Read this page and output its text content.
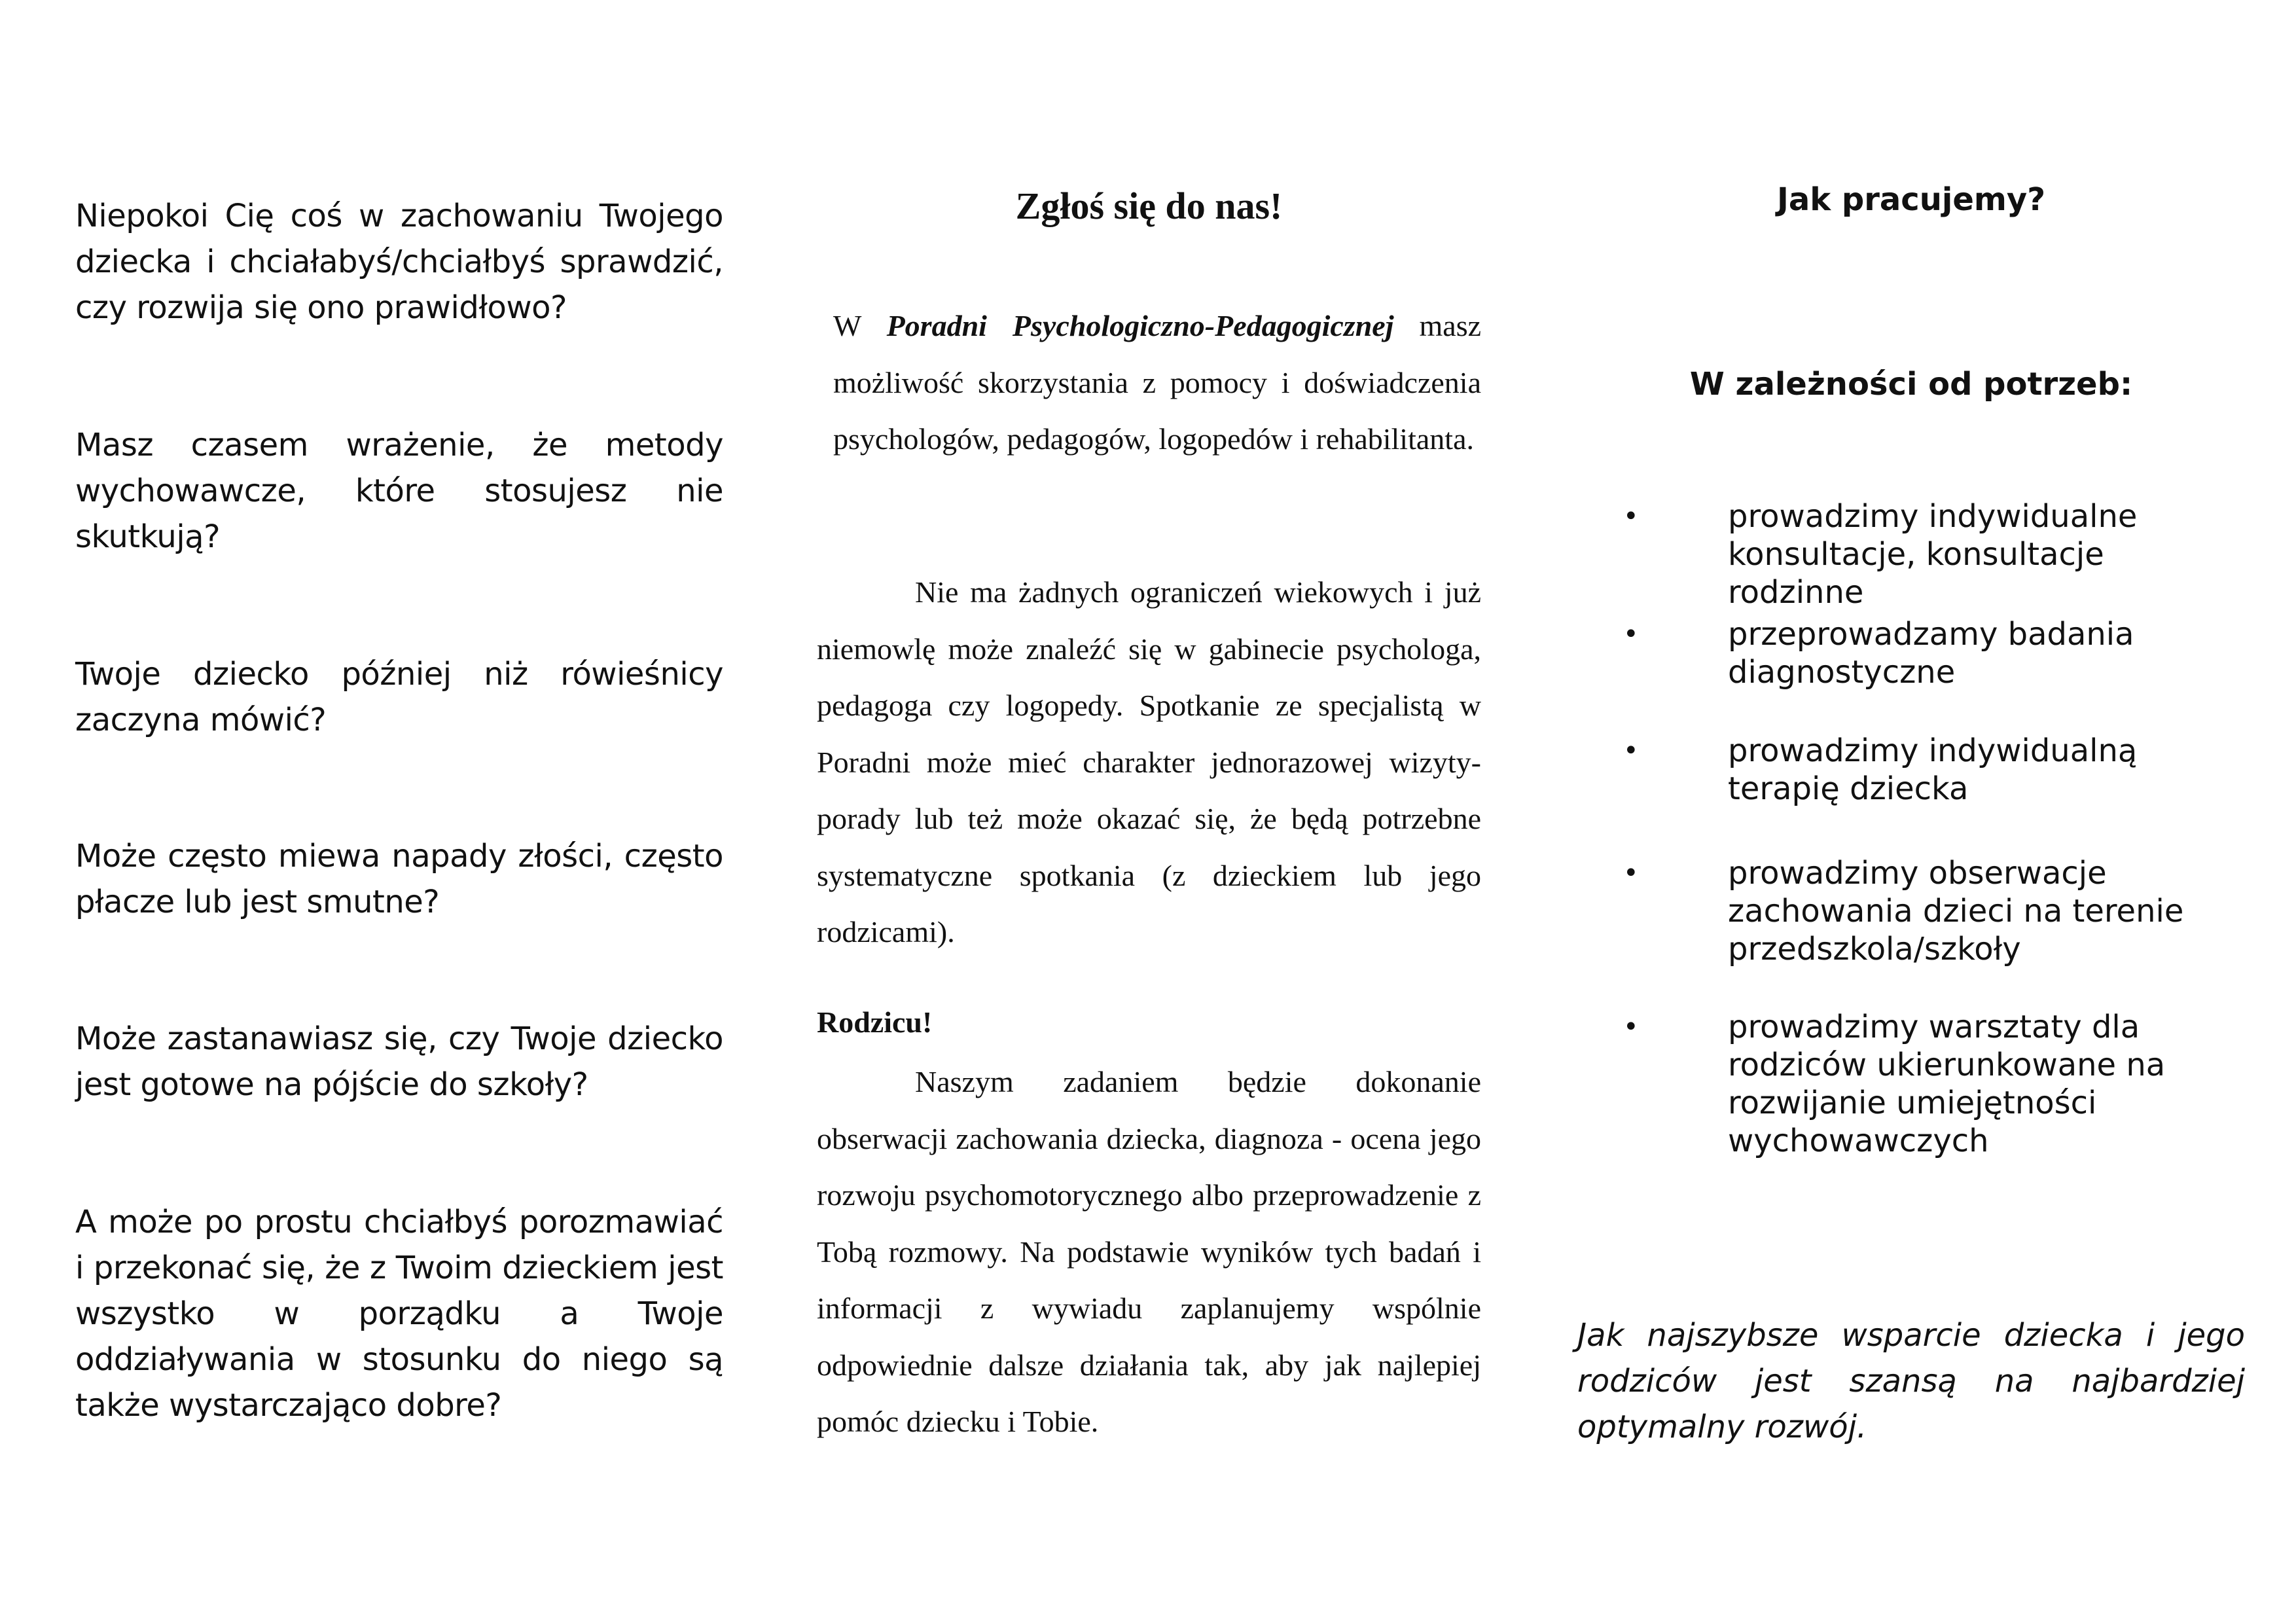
Niepokoi Cię coś w zachowaniu Twojego dziecka i chciałabyś/chciałbyś sprawdzić, czy rozwija się ono prawidłowo?

Masz czasem wrażenie, że metody wychowawcze, które stosujesz nie skutkują?

Twoje dziecko później niż rówieśnicy zaczyna mówić?

Może często miewa napady złości, często płacze lub jest smutne?

Może zastanawiasz się, czy Twoje dziecko jest gotowe na pójście do szkoły?

A może po prostu chciałbyś porozmawiać i przekonać się, że z Twoim dzieckiem jest wszystko w porządku a Twoje oddziaływania w stosunku do niego są także wystarczająco dobre?

Zgłoś się do nas!

W Poradni Psychologiczno-Pedagogicznej masz możliwość skorzystania z pomocy i doświadczenia psychologów, pedagogów, logopedów i rehabilitanta.

Nie ma żadnych ograniczeń wiekowych i już niemowlę może znaleźć się w gabinecie psychologa, pedagoga czy logopedy. Spotkanie ze specjalistą w Poradni może mieć charakter jednorazowej wizyty-porady lub też może okazać się, że będą potrzebne systematyczne spotkania (z dzieckiem lub jego rodzicami).

Rodzicu!

Naszym zadaniem będzie dokonanie obserwacji zachowania dziecka, diagnoza - ocena jego rozwoju psychomotorycznego albo przeprowadzenie z Tobą rozmowy. Na podstawie wyników tych badań i informacji z wywiadu zaplanujemy wspólnie odpowiednie dalsze działania tak, aby jak najlepiej pomóc dziecku i Tobie.

Jak pracujemy?
W zależności od potrzeb:
•	prowadzimy indywidualne konsultacje, konsultacje rodzinne
•	przeprowadzamy badania diagnostyczne
•	prowadzimy indywidualną terapię dziecka
•	prowadzimy obserwacje zachowania dzieci na terenie przedszkola/szkoły
•	prowadzimy warsztaty dla rodziców ukierunkowane na rozwijanie umiejętności wychowawczych

Jak najszybsze wsparcie dziecka i jego rodziców jest szansą na najbardziej optymalny rozwój.
